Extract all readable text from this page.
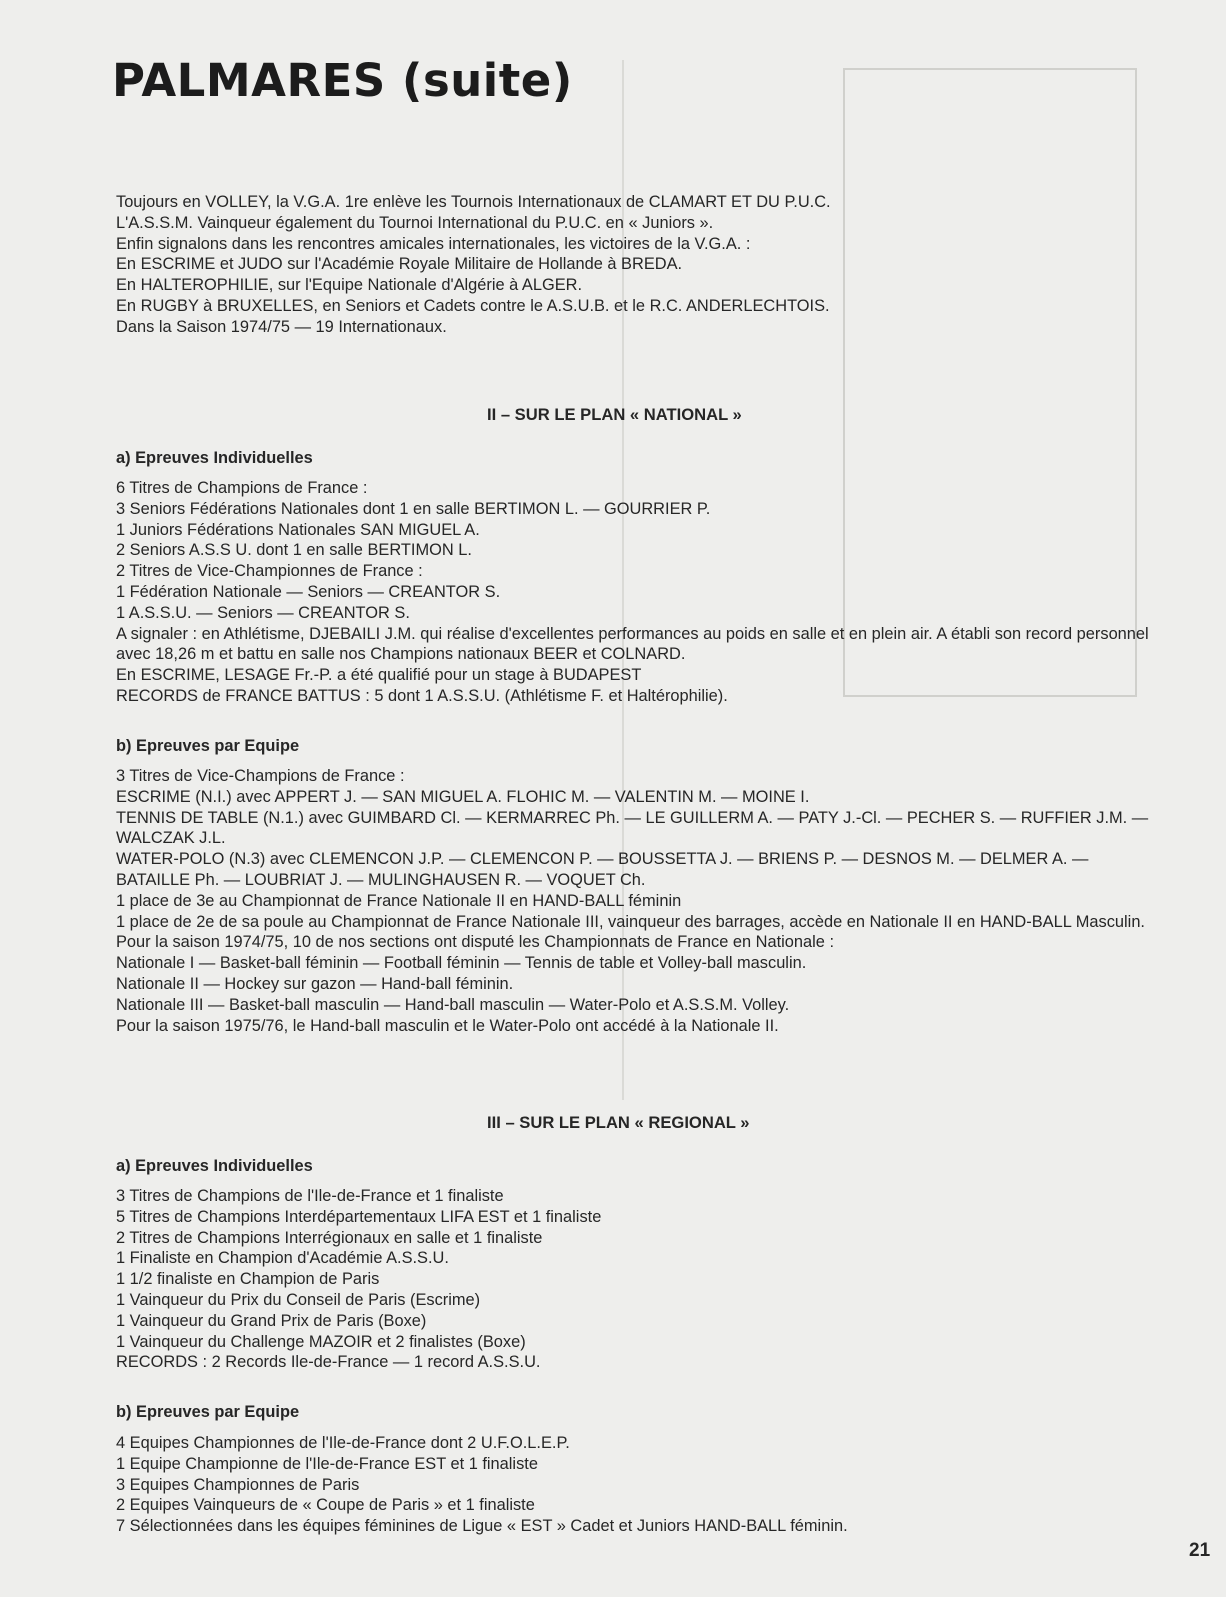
PALMARES (suite)
Toujours en VOLLEY, la V.G.A. 1re enlève les Tournois Internationaux de CLAMART ET DU P.U.C.
L'A.S.S.M. Vainqueur également du Tournoi International du P.U.C. en « Juniors ».
Enfin signalons dans les rencontres amicales internationales, les victoires de la V.G.A. :
En ESCRIME et JUDO sur l'Académie Royale Militaire de Hollande à BREDA.
En HALTEROPHILIE, sur l'Equipe Nationale d'Algérie à ALGER.
En RUGBY à BRUXELLES, en Seniors et Cadets contre le A.S.U.B. et le R.C. ANDERLECHTOIS.
Dans la Saison 1974/75 — 19 Internationaux.
II – SUR LE PLAN « NATIONAL »
a) Epreuves Individuelles
6 Titres de Champions de France :
3 Seniors Fédérations Nationales dont 1 en salle BERTIMON L. — GOURRIER P.
1 Juniors Fédérations Nationales SAN MIGUEL A.
2 Seniors A.S.S U. dont 1 en salle BERTIMON L.
2 Titres de Vice-Championnes de France :
1 Fédération Nationale — Seniors — CREANTOR S.
1 A.S.S.U. — Seniors — CREANTOR S.
A signaler : en Athlétisme, DJEBAILI J.M. qui réalise d'excellentes performances au poids en salle et en plein air. A établi son record personnel avec 18,26 m et battu en salle nos Champions nationaux BEER et COLNARD.
En ESCRIME, LESAGE Fr.-P. a été qualifié pour un stage à BUDAPEST
RECORDS de FRANCE BATTUS : 5 dont 1 A.S.S.U. (Athlétisme F. et Haltérophilie).
b) Epreuves par Equipe
3 Titres de Vice-Champions de France :
ESCRIME (N.I.) avec APPERT J. — SAN MIGUEL A. FLOHIC M. — VALENTIN M. — MOINE I.
TENNIS DE TABLE (N.1.) avec GUIMBARD Cl. — KERMARREC Ph. — LE GUILLERM A. — PATY J.-Cl. — PECHER S. — RUFFIER J.M. — WALCZAK J.L.
WATER-POLO (N.3) avec CLEMENCON J.P. — CLEMENCON P. — BOUSSETTA J. — BRIENS P. — DESNOS M. — DELMER A. — BATAILLE Ph. — LOUBRIAT J. — MULINGHAUSEN R. — VOQUET Ch.
1 place de 3e au Championnat de France Nationale II en HAND-BALL féminin
1 place de 2e de sa poule au Championnat de France Nationale III, vainqueur des barrages, accède en Nationale II en HAND-BALL Masculin.
Pour la saison 1974/75, 10 de nos sections ont disputé les Championnats de France en Nationale :
Nationale I — Basket-ball féminin — Football féminin — Tennis de table et Volley-ball masculin.
Nationale II — Hockey sur gazon — Hand-ball féminin.
Nationale III — Basket-ball masculin — Hand-ball masculin — Water-Polo et A.S.S.M. Volley.
Pour la saison 1975/76, le Hand-ball masculin et le Water-Polo ont accédé à la Nationale II.
III – SUR LE PLAN « REGIONAL »
a) Epreuves Individuelles
3 Titres de Champions de l'Ile-de-France et 1 finaliste
5 Titres de Champions Interdépartementaux LIFA EST et 1 finaliste
2 Titres de Champions Interrégionaux en salle et 1 finaliste
1 Finaliste en Champion d'Académie A.S.S.U.
1 1/2 finaliste en Champion de Paris
1 Vainqueur du Prix du Conseil de Paris (Escrime)
1 Vainqueur du Grand Prix de Paris (Boxe)
1 Vainqueur du Challenge MAZOIR et 2 finalistes (Boxe)
RECORDS : 2 Records Ile-de-France — 1 record A.S.S.U.
b) Epreuves par Equipe
4 Equipes Championnes de l'Ile-de-France dont 2 U.F.O.L.E.P.
1 Equipe Championne de l'Ile-de-France EST et 1 finaliste
3 Equipes Championnes de Paris
2 Equipes Vainqueurs de « Coupe de Paris » et 1 finaliste
7 Sélectionnées dans les équipes féminines de Ligue « EST » Cadet et Juniors HAND-BALL féminin.
21
